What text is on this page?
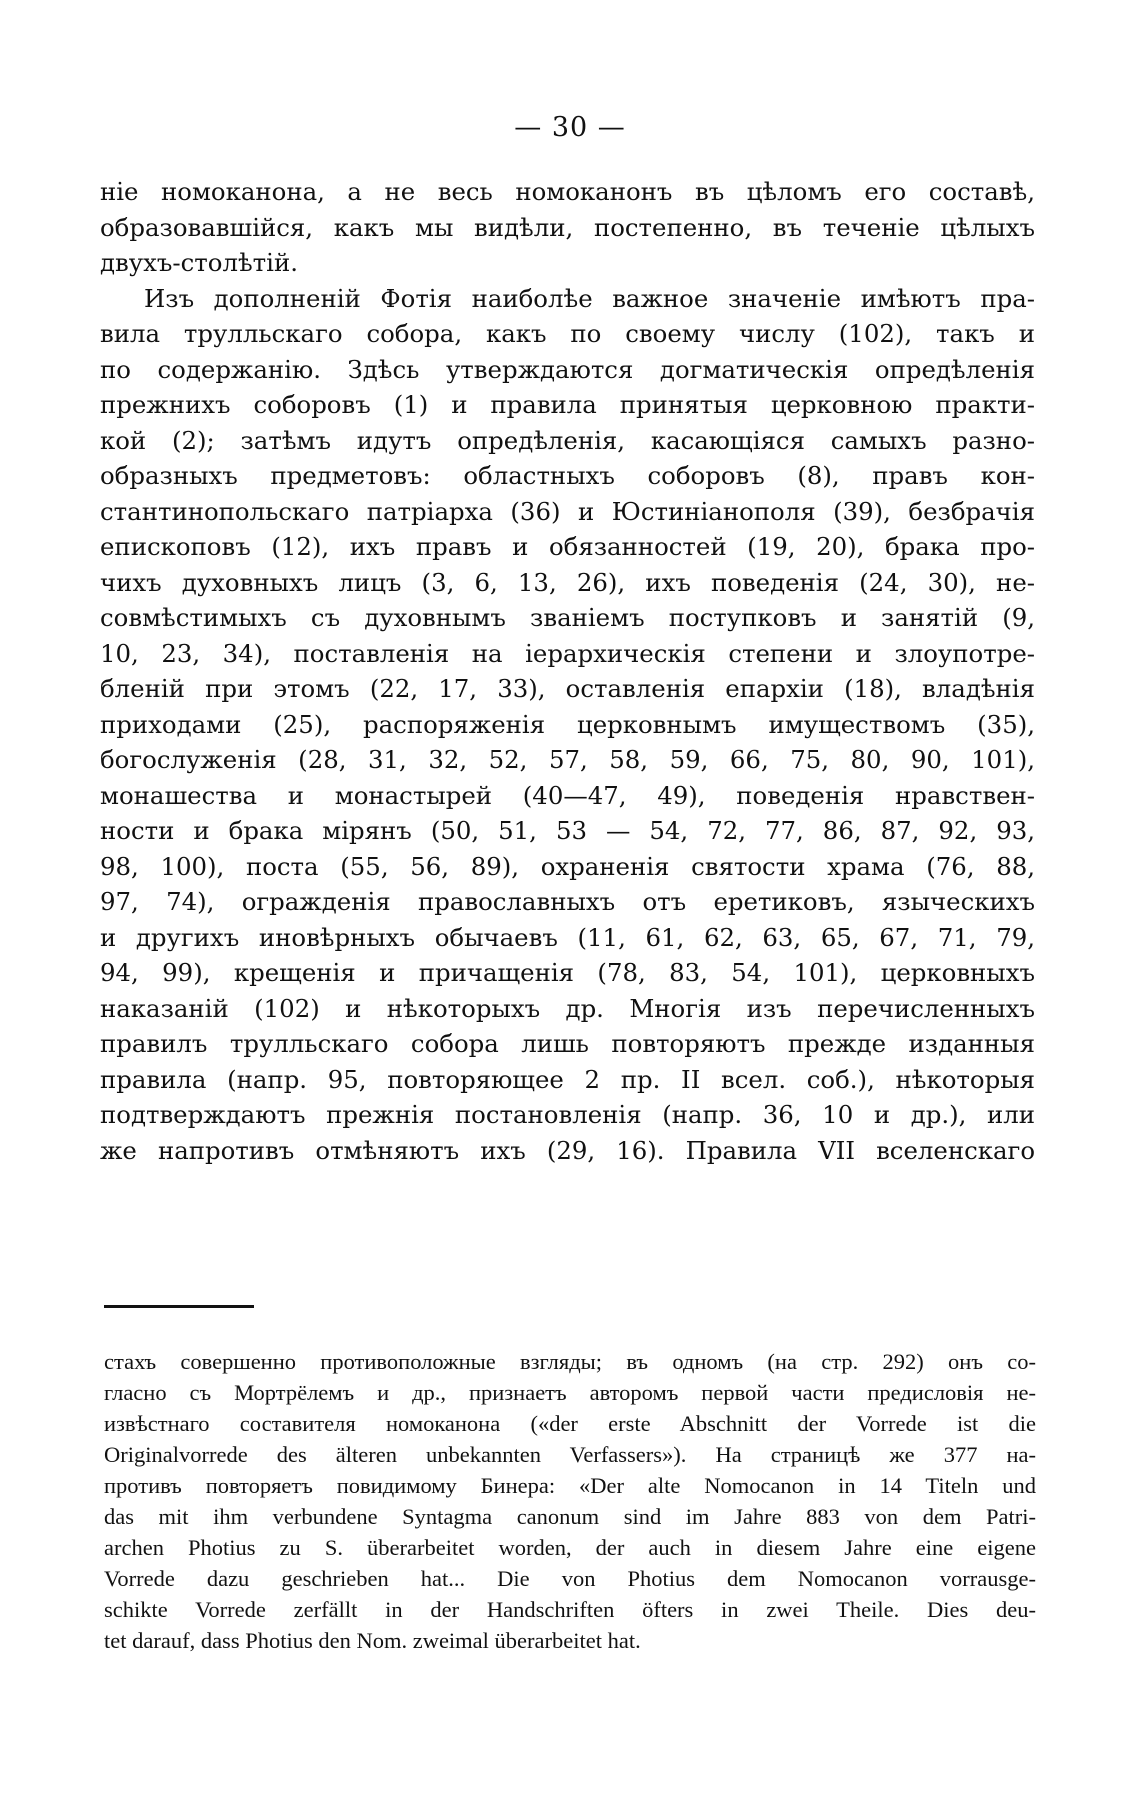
— 30 —
ніе номоканона, а не весь номоканонъ въ цѣломъ его составѣ,
образовавшійся, какъ мы видѣли, постепенно, въ теченіе цѣлыхъ
двухъ-столѣтій.
Изъ дополненій Фотія наиболѣе важное значеніе имѣютъ пра-
вила трулльскаго собора, какъ по своему числу (102), такъ и
по содержанію. Здѣсь утверждаются догматическія опредѣленія
прежнихъ соборовъ (1) и правила принятыя церковною практи-
кой (2); затѣмъ идутъ опредѣленія, касающіяся самыхъ разно-
образныхъ предметовъ: областныхъ соборовъ (8), правъ кон-
стантинопольскаго патріарха (36) и Юстиніанополя (39), безбрачія
епископовъ (12), ихъ правъ и обязанностей (19, 20), брака про-
чихъ духовныхъ лицъ (3, 6, 13, 26), ихъ поведенія (24, 30), не-
совмѣстимыхъ съ духовнымъ званіемъ поступковъ и занятій (9,
10, 23, 34), поставленія на іерархическія степени и злоупотре-
бленій при этомъ (22, 17, 33), оставленія епархіи (18), владѣнія
приходами (25), распоряженія церковнымъ имуществомъ (35),
богослуженія (28, 31, 32, 52, 57, 58, 59, 66, 75, 80, 90, 101),
монашества и монастырей (40—47, 49), поведенія нравствен-
ности и брака мірянъ (50, 51, 53 — 54, 72, 77, 86, 87, 92, 93,
98, 100), поста (55, 56, 89), охраненія святости храма (76, 88,
97, 74), огражденія православныхъ отъ еретиковъ, языческихъ
и другихъ иновѣрныхъ обычаевъ (11, 61, 62, 63, 65, 67, 71, 79,
94, 99), крещенія и причащенія (78, 83, 54, 101), церковныхъ
наказаній (102) и нѣкоторыхъ др. Многія изъ перечисленныхъ
правилъ трулльскаго собора лишь повторяютъ прежде изданныя
правила (напр. 95, повторяющее 2 пр. II всел. соб.), нѣкоторыя
подтверждаютъ прежнія постановленія (напр. 36, 10 и др.), или
же напротивъ отмѣняютъ ихъ (29, 16). Правила VII вселенскаго
стахъ совершенно противоположные взгляды; въ одномъ (на стр. 292) онъ со-
гласно съ Мортрёлемъ и др., признаетъ авторомъ первой части предисловія не-
извѣстнаго составителя номоканона («der erste Abschnitt der Vorrede ist die
Originalvorrede des älteren unbekannten Verfassers»). На страницѣ же 377 на-
противъ повторяетъ повидимому Бинера: «Der alte Nomocanon in 14 Titeln und
das mit ihm verbundene Syntagma canonum sind im Jahre 883 von dem Patri-
archen Photius zu S. überarbeitet worden, der auch in diesem Jahre eine eigene
Vorrede dazu geschrieben hat... Die von Photius dem Nomocanon vorrausge-
schikte Vorrede zerfällt in der Handschriften öfters in zwei Theile. Dies deu-
tet darauf, dass Photius den Nom. zweimal überarbeitet hat.
